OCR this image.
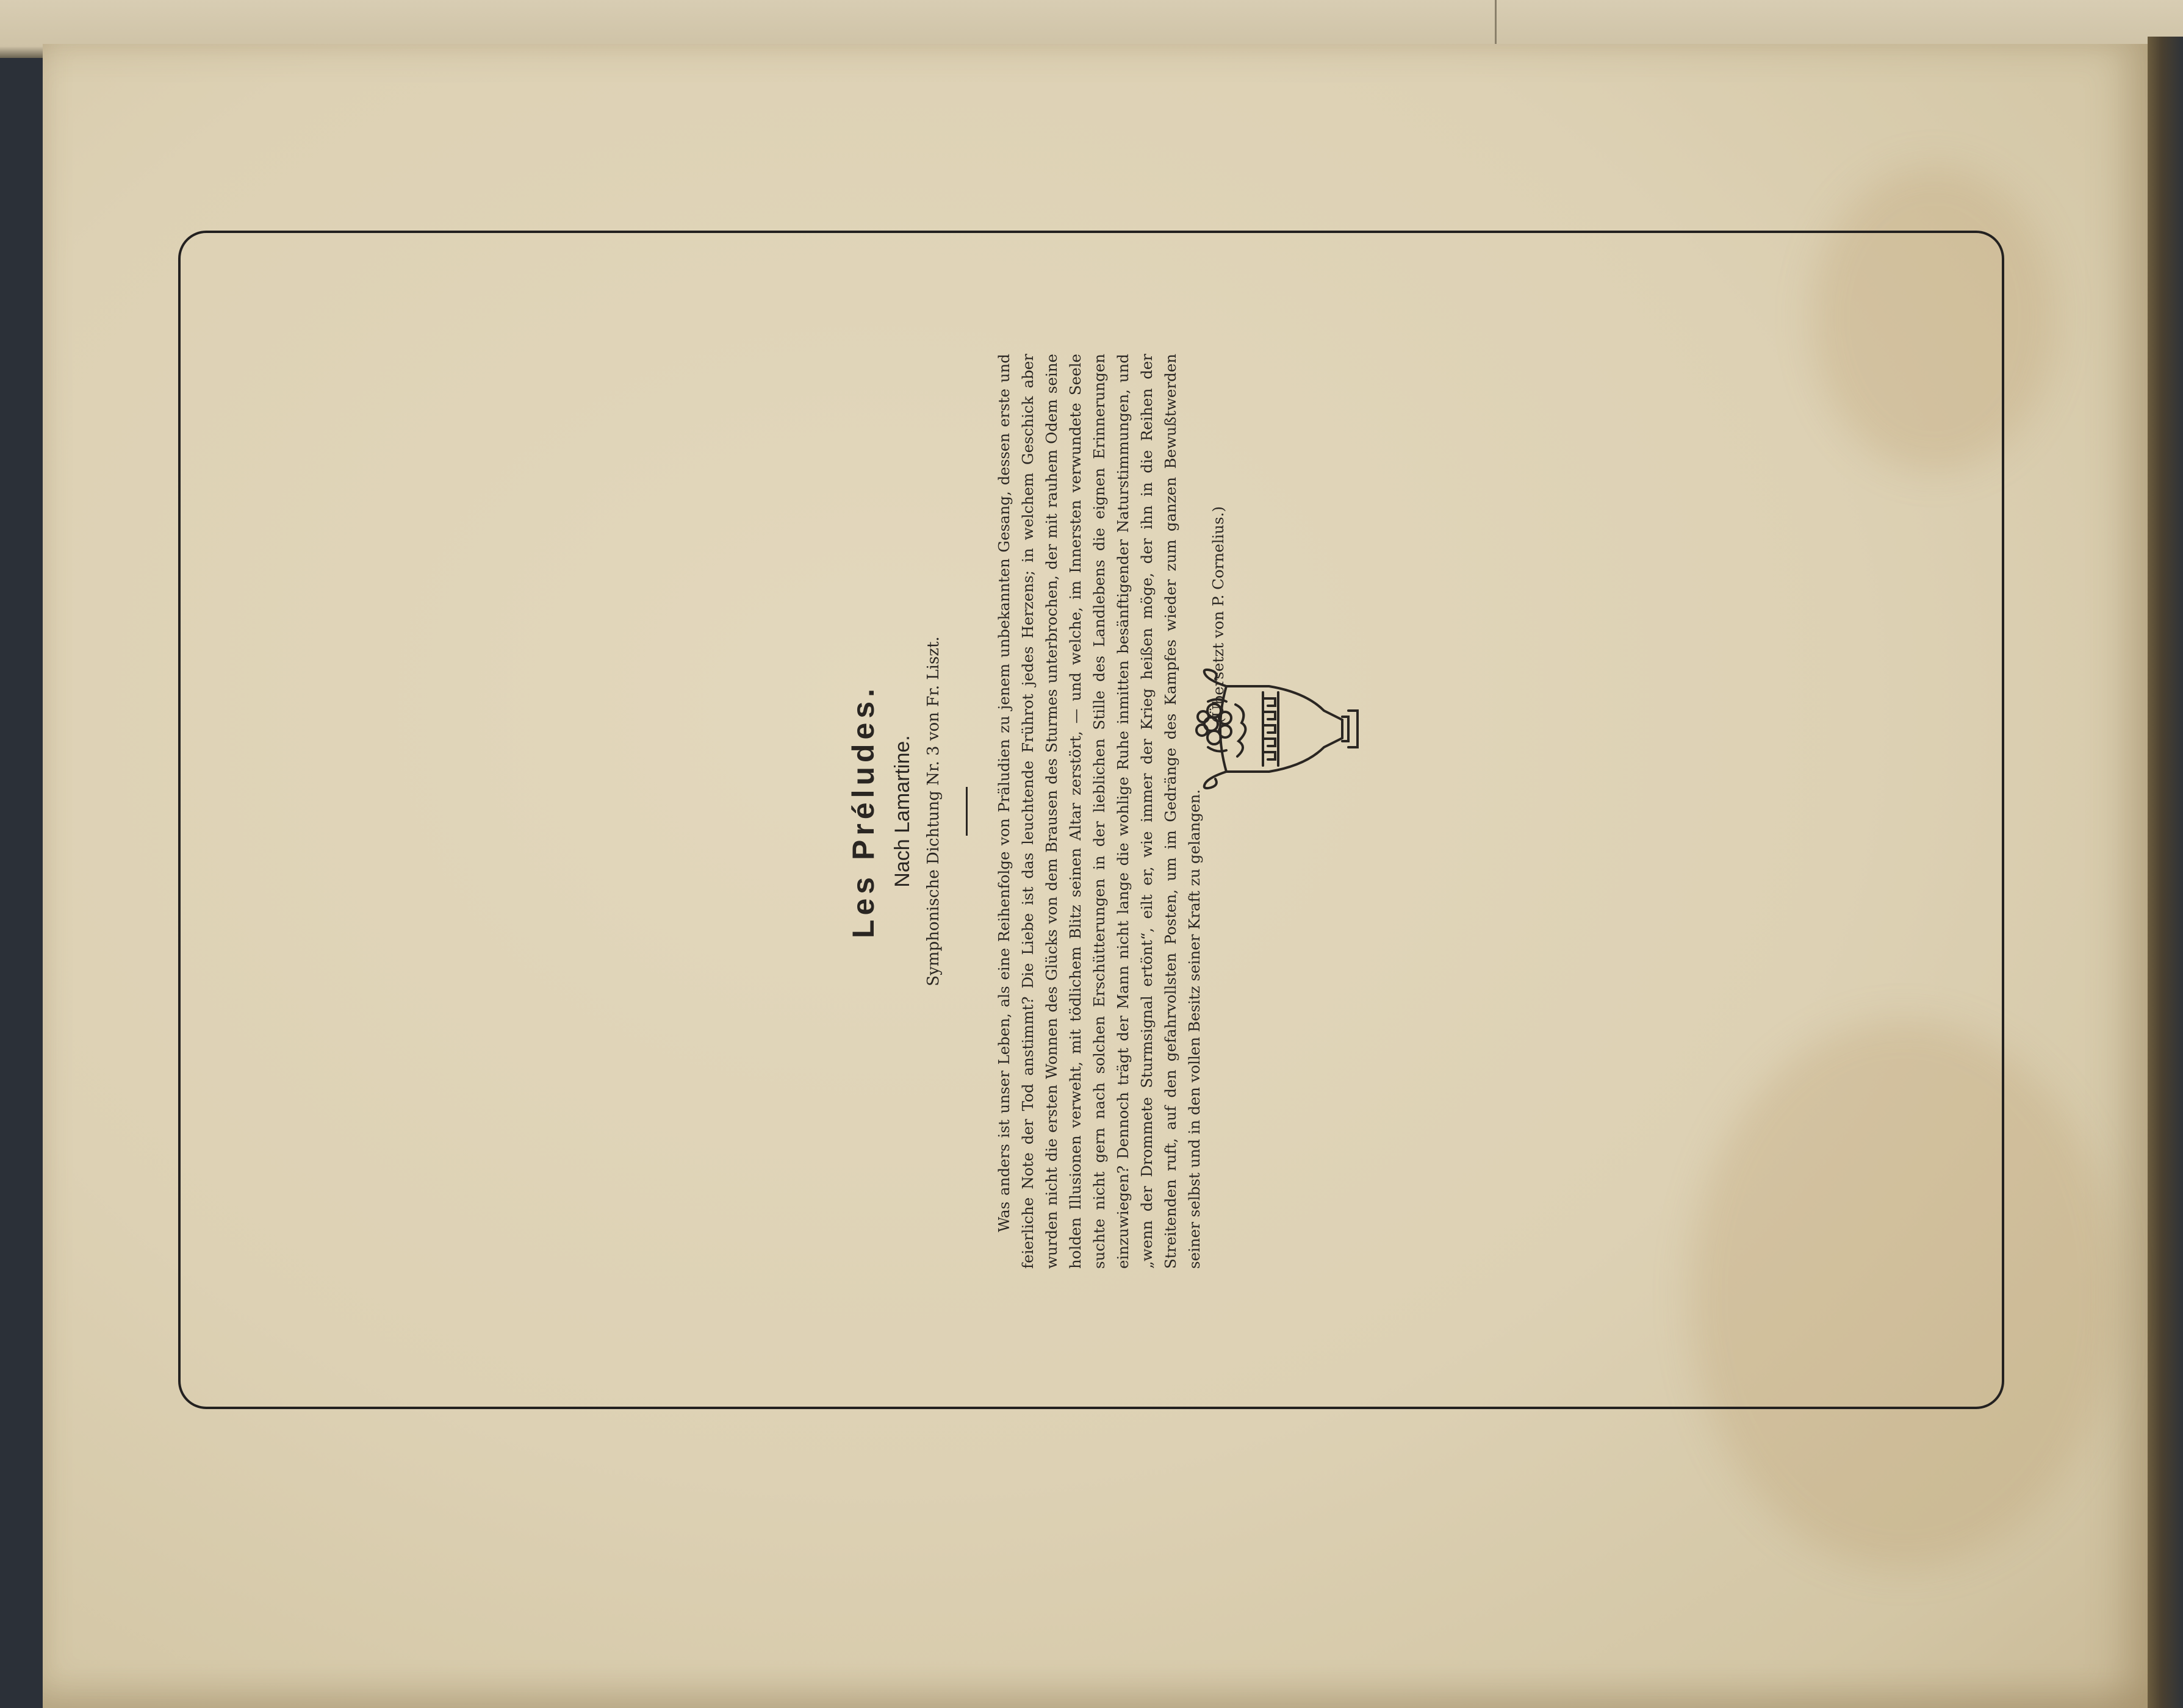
Les Préludes. Nach Lamartine. Symphonische Dichtung Nr. 3 von Fr. Liszt.	Was anders ist unser Leben, als eine Reihenfolge von Präludien zu jenem unbekannten Gesang, dessen erste und feierliche Note der Tod anstimmt? Die Liebe ist das leuchtende Frührot jedes Herzens; in welchem Geschick aber wurden nicht die ersten Wonnen des Glücks von dem Brausen des Sturmes unterbrochen, der mit rauhem Odem seine holden Illusionen verweht, mit tödlichem Blitz seinen Altar zerstört, — und welche, im Innersten verwundete Seele suchte nicht gern nach solchen Erschütterungen in der lieblichen Stille des Landlebens die eignen Erinnerungen einzuwiegen? Dennoch trägt der Mann nicht lange die wohlige Ruhe inmitten besänftigender Naturstimmungen, und „wenn der Drommete Sturmsignal ertönt“, eilt er, wie immer der Krieg heißen möge, der ihn in die Reihen der Streitenden ruft, auf den gefahrvollsten Posten, um im Gedränge des Kampfes wieder zum ganzen Bewußtwerden seiner selbst und in den vollen Besitz seiner Kraft zu gelangen.

(Übersetzt von P. Cornelius.)
